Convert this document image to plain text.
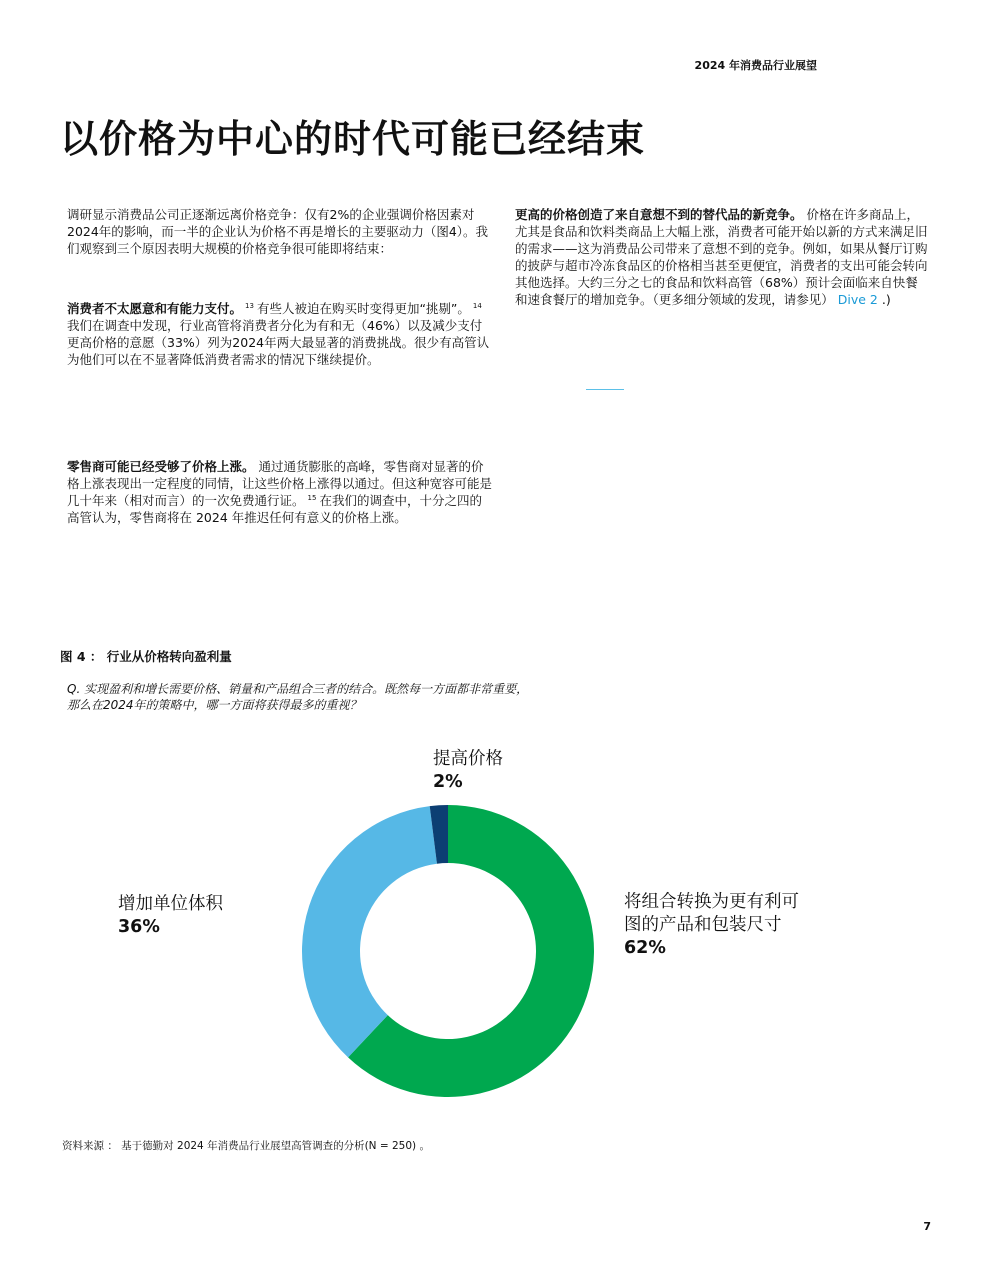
2024 年消费品行业展望
以价格为中心的时代可能已经结束

调研显示消费品公司正逐渐远离价格竞争：仅有2%的企业强调价格因素对2024年的影响，而一半的企业认为价格不再是增长的主要驱动力（图4）。我们观察到三个原因表明大规模的价格竞争很可能即将结束：

消费者不太愿意和有能力支付。 $^{13}$ 有些人被迫在购买时变得更加“挑剔”。 $^{14}$我们在调查中发现，行业高管将消费者分化为有和无（46%）以及减少支付更高价格的意愿（33%）列为2024年两大最显著的消费挑战。很少有高管认为他们可以在不显著降低消费者需求的情况下继续提价。

零售商可能已经受够了价格上涨。 通过通货膨胀的高峰，零售商对显著的价格上涨表现出一定程度的同情，让这些价格上涨得以通过。但这种宽容可能是几十年来（相对而言）的一次免费通行证。 $^{15}$ 在我们的调查中，十分之四的高管认为，零售商将在 2024 年推迟任何有意义的价格上涨。

更高的价格创造了来自意想不到的替代品的新竞争。 价格在许多商品上，尤其是食品和饮料类商品上大幅上涨，消费者可能开始以新的方式来满足旧的需求——这为消费品公司带来了意想不到的竞争。例如，如果从餐厅订购的披萨与超市冷冻食品区的价格相当甚至更便宜，消费者的支出可能会转向其他选择。大约三分之七的食品和饮料高管（68%）预计会面临来自快餐和速食餐厅的增加竞争。（更多细分领域的发现，请参见） Dive 2 .)

图 4 ： 行业从价格转向盈利量
Q. 实现盈利和增长需要价格、销量和产品组合三者的结合。既然每一方面都非常重要，那么在2024年的策略中，哪一方面将获得最多的重视？
提高价格
2%
增加单位体积
36%
将组合转换为更有利可图的产品和包装尺寸
62%
资料来源 ： 基于德勤对 2024 年消费品行业展望高管调查的分析(N = 250) 。
7
